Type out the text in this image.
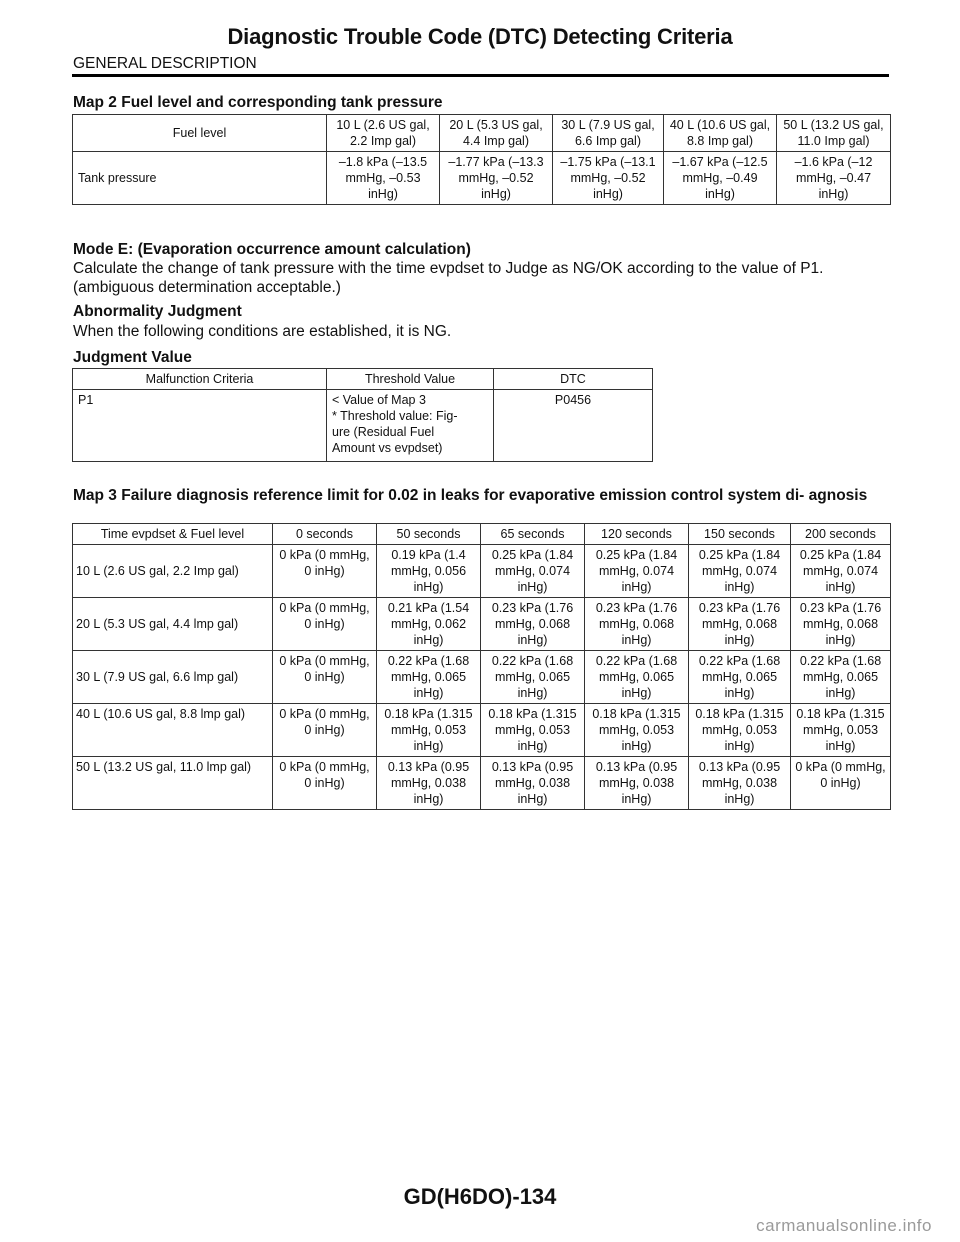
Diagnostic Trouble Code (DTC) Detecting Criteria
GENERAL DESCRIPTION
Map 2 Fuel level and corresponding tank pressure
Fuel level	10 L (2.6 US gal, 2.2 Imp gal)	20 L (5.3 US gal, 4.4 Imp gal)	30 L (7.9 US gal, 6.6 Imp gal)	40 L (10.6 US gal, 8.8 Imp gal)	50 L (13.2 US gal, 11.0 Imp gal)
Tank pressure	–1.8 kPa (–13.5 mmHg, –0.53 inHg)	–1.77 kPa (–13.3 mmHg, –0.52 inHg)	–1.75 kPa (–13.1 mmHg, –0.52 inHg)	–1.67 kPa (–12.5 mmHg, –0.49 inHg)	–1.6 kPa (–12 mmHg, –0.47 inHg)
Mode E: (Evaporation occurrence amount calculation)
Calculate the change of tank pressure with the time evpdset to Judge as NG/OK according to the value of P1. (ambiguous determination acceptable.)
Abnormality Judgment
When the following conditions are established, it is NG.
Judgment Value
Malfunction Criteria	Threshold Value	DTC
P1	< Value of Map 3
* Threshold value: Fig-
ure (Residual Fuel
Amount vs evpdset)	P0456
Map 3 Failure diagnosis reference limit for 0.02 in leaks for evaporative emission control system di- agnosis
Time evpdset & Fuel level	0 seconds	50 seconds	65 seconds	120 seconds	150 seconds	200 seconds
10 L (2.6 US gal, 2.2 Imp gal)	0 kPa (0 mmHg, 0 inHg)	0.19 kPa (1.4 mmHg, 0.056 inHg)	0.25 kPa (1.84 mmHg, 0.074 inHg)	0.25 kPa (1.84 mmHg, 0.074 inHg)	0.25 kPa (1.84 mmHg, 0.074 inHg)	0.25 kPa (1.84 mmHg, 0.074 inHg)
20 L (5.3 US gal, 4.4 lmp gal)	0 kPa (0 mmHg, 0 inHg)	0.21 kPa (1.54 mmHg, 0.062 inHg)	0.23 kPa (1.76 mmHg, 0.068 inHg)	0.23 kPa (1.76 mmHg, 0.068 inHg)	0.23 kPa (1.76 mmHg, 0.068 inHg)	0.23 kPa (1.76 mmHg, 0.068 inHg)
30 L (7.9 US gal, 6.6 lmp gal)	0 kPa (0 mmHg, 0 inHg)	0.22 kPa (1.68 mmHg, 0.065 inHg)	0.22 kPa (1.68 mmHg, 0.065 inHg)	0.22 kPa (1.68 mmHg, 0.065 inHg)	0.22 kPa (1.68 mmHg, 0.065 inHg)	0.22 kPa (1.68 mmHg, 0.065 inHg)
40 L (10.6 US gal, 8.8 lmp gal)	0 kPa (0 mmHg, 0 inHg)	0.18 kPa (1.315 mmHg, 0.053 inHg)	0.18 kPa (1.315 mmHg, 0.053 inHg)	0.18 kPa (1.315 mmHg, 0.053 inHg)	0.18 kPa (1.315 mmHg, 0.053 inHg)	0.18 kPa (1.315 mmHg, 0.053 inHg)
50 L (13.2 US gal, 11.0 lmp gal)	0 kPa (0 mmHg, 0 inHg)	0.13 kPa (0.95 mmHg, 0.038 inHg)	0.13 kPa (0.95 mmHg, 0.038 inHg)	0.13 kPa (0.95 mmHg, 0.038 inHg)	0.13 kPa (0.95 mmHg, 0.038 inHg)	0 kPa (0 mmHg, 0 inHg)
GD(H6DO)-134
carmanualsonline.info
